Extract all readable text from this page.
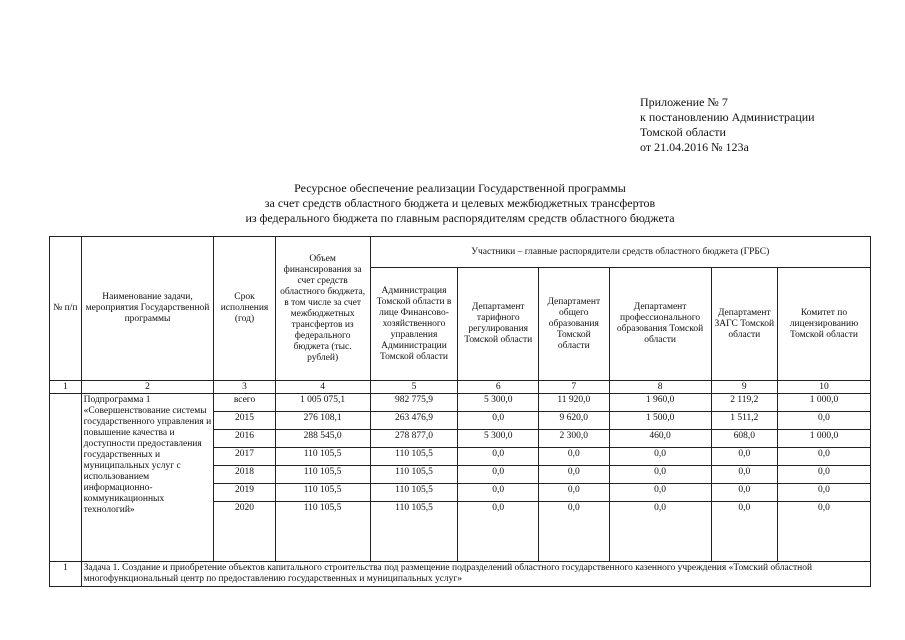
Приложение № 7
к постановлению Администрации
Томской области
от 21.04.2016 № 123а
Ресурсное обеспечение реализации Государственной программы
за счет средств областного бюджета и целевых межбюджетных трансфертов
из федерального бюджета по главным распорядителям средств областного бюджета
№ п/п	Наименование задачи, мероприятия Государственной программы	Срок исполнения (год)	Объем финансирования за счет средств областного бюджета, в том числе за счет межбюджетных трансфертов из федерального бюджета (тыс. рублей)	Участники – главные распорядители средств областного бюджета (ГРБС)					
				Администрация Томской области в лице Финансово-хозяйственного управления Администрации Томской области	Департамент тарифного регулирования Томской области	Департамент общего образования Томской области	Департамент профессионального образования Томской области	Департамент ЗАГС Томской области	Комитет по лицензированию Томской области
1	2	3	4	5	6	7	8	9	10
	Подпрограмма 1 «Совершенствование системы государственного управления и повышение качества и доступности предоставления государственных и муниципальных услуг с использованием информационно-коммуникационных технологий»	всего	1 005 075,1	982 775,9	5 300,0	11 920,0	1 960,0	2 119,2	1 000,0
		2015	276 108,1	263 476,9	0,0	9 620,0	1 500,0	1 511,2	0,0
		2016	288 545,0	278 877,0	5 300,0	2 300,0	460,0	608,0	1 000,0
		2017	110 105,5	110 105,5	0,0	0,0	0,0	0,0	0,0
		2018	110 105,5	110 105,5	0,0	0,0	0,0	0,0	0,0
		2019	110 105,5	110 105,5	0,0	0,0	0,0	0,0	0,0
		2020	110 105,5	110 105,5	0,0	0,0	0,0	0,0	0,0
1	Задача 1. Создание и приобретение объектов капитального строительства под размещение подразделений областного государственного казенного учреждения «Томский областной многофункциональный центр по предоставлению государственных и муниципальных услуг»								
